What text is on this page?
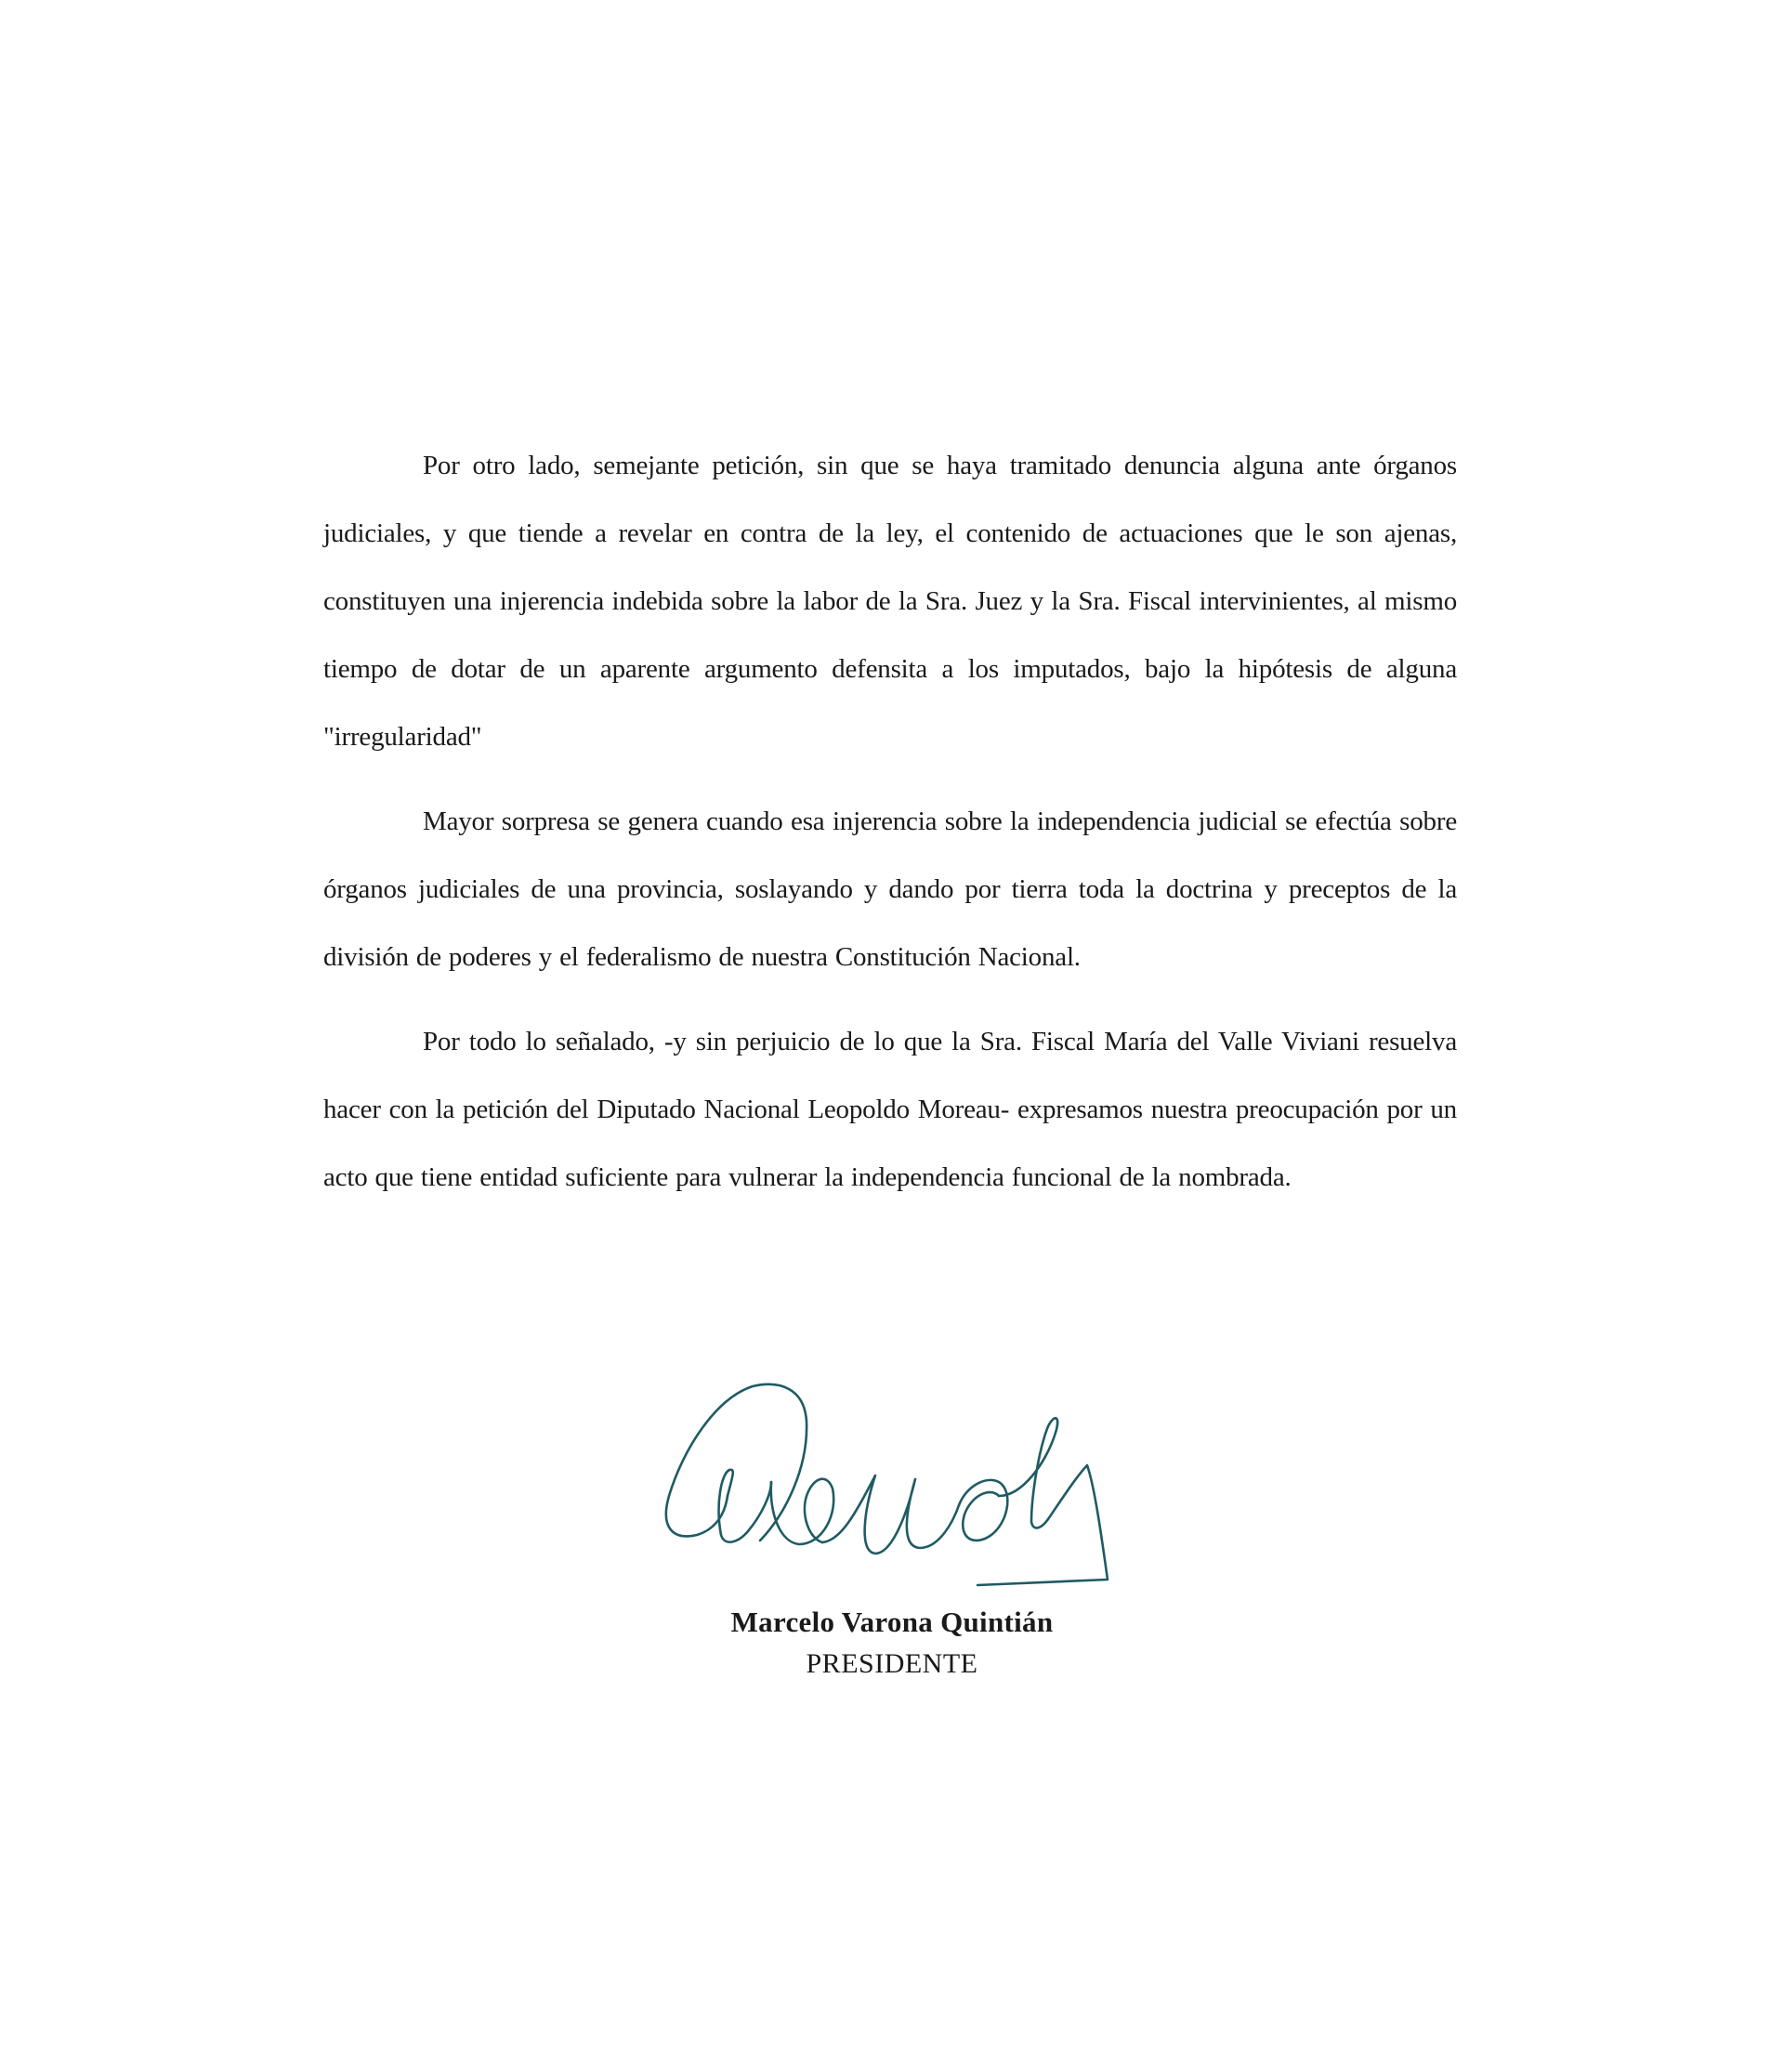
Por otro lado, semejante petición, sin que se haya tramitado denuncia alguna ante órganos judiciales, y que tiende a revelar en contra de la ley, el contenido de actuaciones que le son ajenas, constituyen una injerencia indebida sobre la labor de la Sra. Juez y la Sra. Fiscal intervinientes, al mismo tiempo de dotar de un aparente argumento defensita a los imputados, bajo la hipótesis de alguna "irregularidad"

Mayor sorpresa se genera cuando esa injerencia sobre la independencia judicial se efectúa sobre órganos judiciales de una provincia, soslayando y dando por tierra toda la doctrina y preceptos de la división de poderes y el federalismo de nuestra Constitución Nacional.

Por todo lo señalado, -y sin perjuicio de lo que la Sra. Fiscal María del Valle Viviani resuelva hacer con la petición del Diputado Nacional Leopoldo Moreau- expresamos nuestra preocupación por un acto que tiene entidad suficiente para vulnerar la independencia funcional de la nombrada.

Marcelo Varona Quintián
PRESIDENTE
